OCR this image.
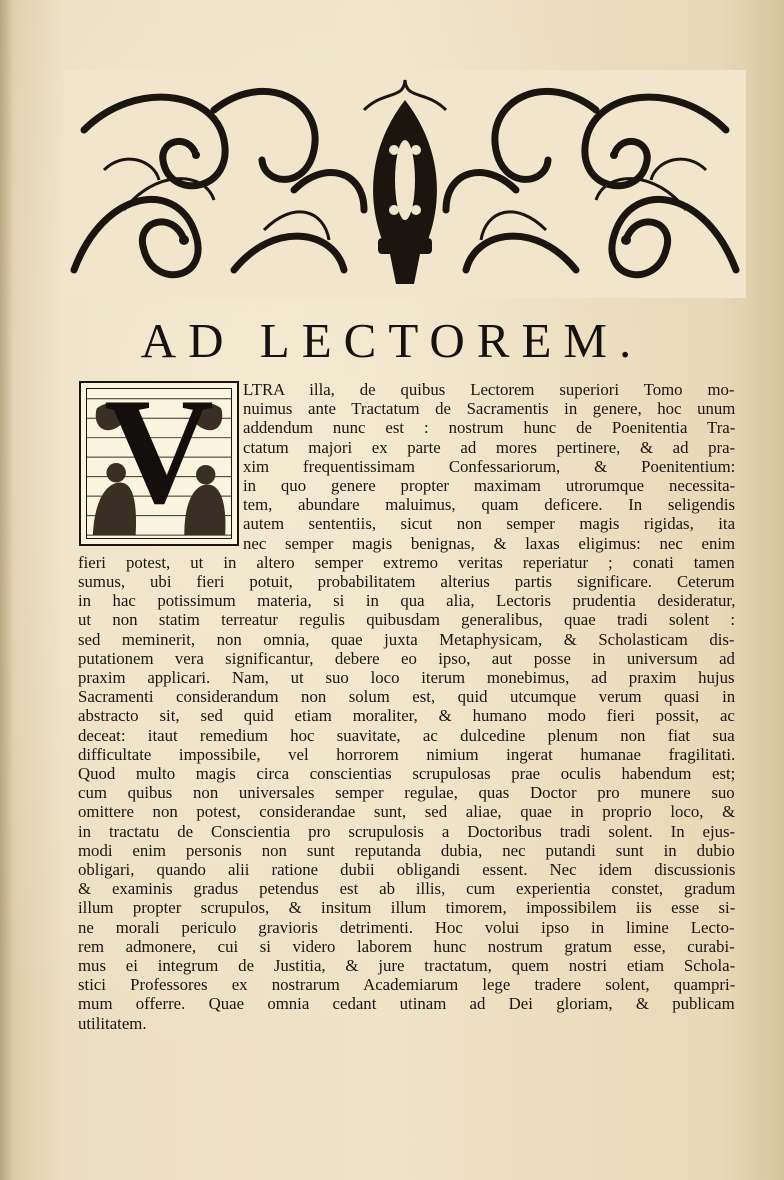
AD LECTOREM.
V	LTRA illa, de quibus Lectorem superiori Tomo mo-
nuimus ante Tractatum de Sacramentis in genere, hoc unum
addendum nunc est : nostrum hunc de Poenitentia Tra-
ctatum majori ex parte ad mores pertinere, & ad pra-
xim frequentissimam Confessariorum, & Poenitentium:
in quo genere propter maximam utrorumque necessita-
tem, abundare maluimus, quam deficere. In seligendis
autem sententiis, sicut non semper magis rigidas, ita
nec semper magis benignas, & laxas eligimus: nec enim
fieri potest, ut in altero semper extremo veritas reperiatur ; conati tamen
sumus, ubi fieri potuit, probabilitatem alterius partis significare. Ceterum
in hac potissimum materia, si in qua alia, Lectoris prudentia desideratur,
ut non statim terreatur regulis quibusdam generalibus, quae tradi solent :
sed meminerit, non omnia, quae juxta Metaphysicam, & Scholasticam dis-
putationem vera significantur, debere eo ipso, aut posse in universum ad
praxim applicari. Nam, ut suo loco iterum monebimus, ad praxim hujus
Sacramenti considerandum non solum est, quid utcumque verum quasi in
abstracto sit, sed quid etiam moraliter, & humano modo fieri possit, ac
deceat: itaut remedium hoc suavitate, ac dulcedine plenum non fiat sua
difficultate impossibile, vel horrorem nimium ingerat humanae fragilitati.
Quod multo magis circa conscientias scrupulosas prae oculis habendum est;
cum quibus non universales semper regulae, quas Doctor pro munere suo
omittere non potest, considerandae sunt, sed aliae, quae in proprio loco, &
in tractatu de Conscientia pro scrupulosis a Doctoribus tradi solent. In ejus-
modi enim personis non sunt reputanda dubia, nec putandi sunt in dubio
obligari, quando alii ratione dubii obligandi essent. Nec idem discussionis
& examinis gradus petendus est ab illis, cum experientia constet, gradum
illum propter scrupulos, & insitum illum timorem, impossibilem iis esse si-
ne morali periculo gravioris detrimenti. Hoc volui ipso in limine Lecto-
rem admonere, cui si videro laborem hunc nostrum gratum esse, curabi-
mus ei integrum de Justitia, & jure tractatum, quem nostri etiam Schola-
stici Professores ex nostrarum Academiarum lege tradere solent, quampri-
mum offerre. Quae omnia cedant utinam ad Dei gloriam, & publicam
utilitatem.
